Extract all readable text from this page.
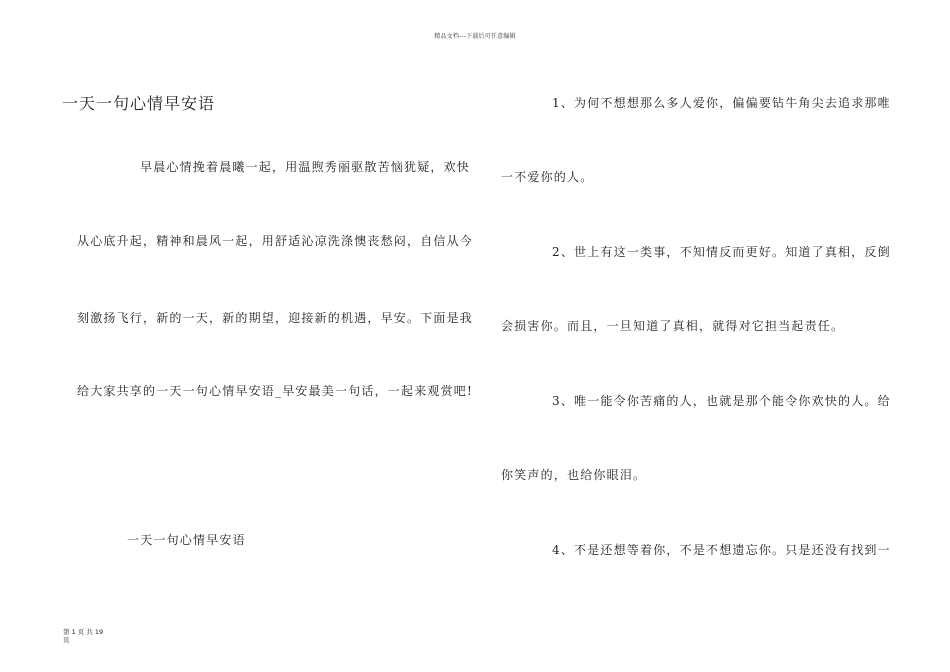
精品文档---下载后可任意编辑
一天一句心情早安语
早晨心情挽着晨曦一起，用温煦秀丽驱散苦恼犹疑，欢快
从心底升起，精神和晨风一起，用舒适沁凉洗涤懊丧愁闷，自信从今
刻激扬飞行，新的一天，新的期望，迎接新的机遇，早安。下面是我
给大家共享的一天一句心情早安语_早安最美一句话，一起来观赏吧!
一天一句心情早安语
1、为何不想想那么多人爱你，偏偏要钻牛角尖去追求那唯
一不爱你的人。
2、世上有这一类事，不知情反而更好。知道了真相，反倒
会损害你。而且，一旦知道了真相，就得对它担当起责任。
3、唯一能令你苦痛的人，也就是那个能令你欢快的人。给
你笑声的，也给你眼泪。
4、不是还想等着你，不是不想遗忘你。只是还没有找到一
第 1 页 共 19
页
